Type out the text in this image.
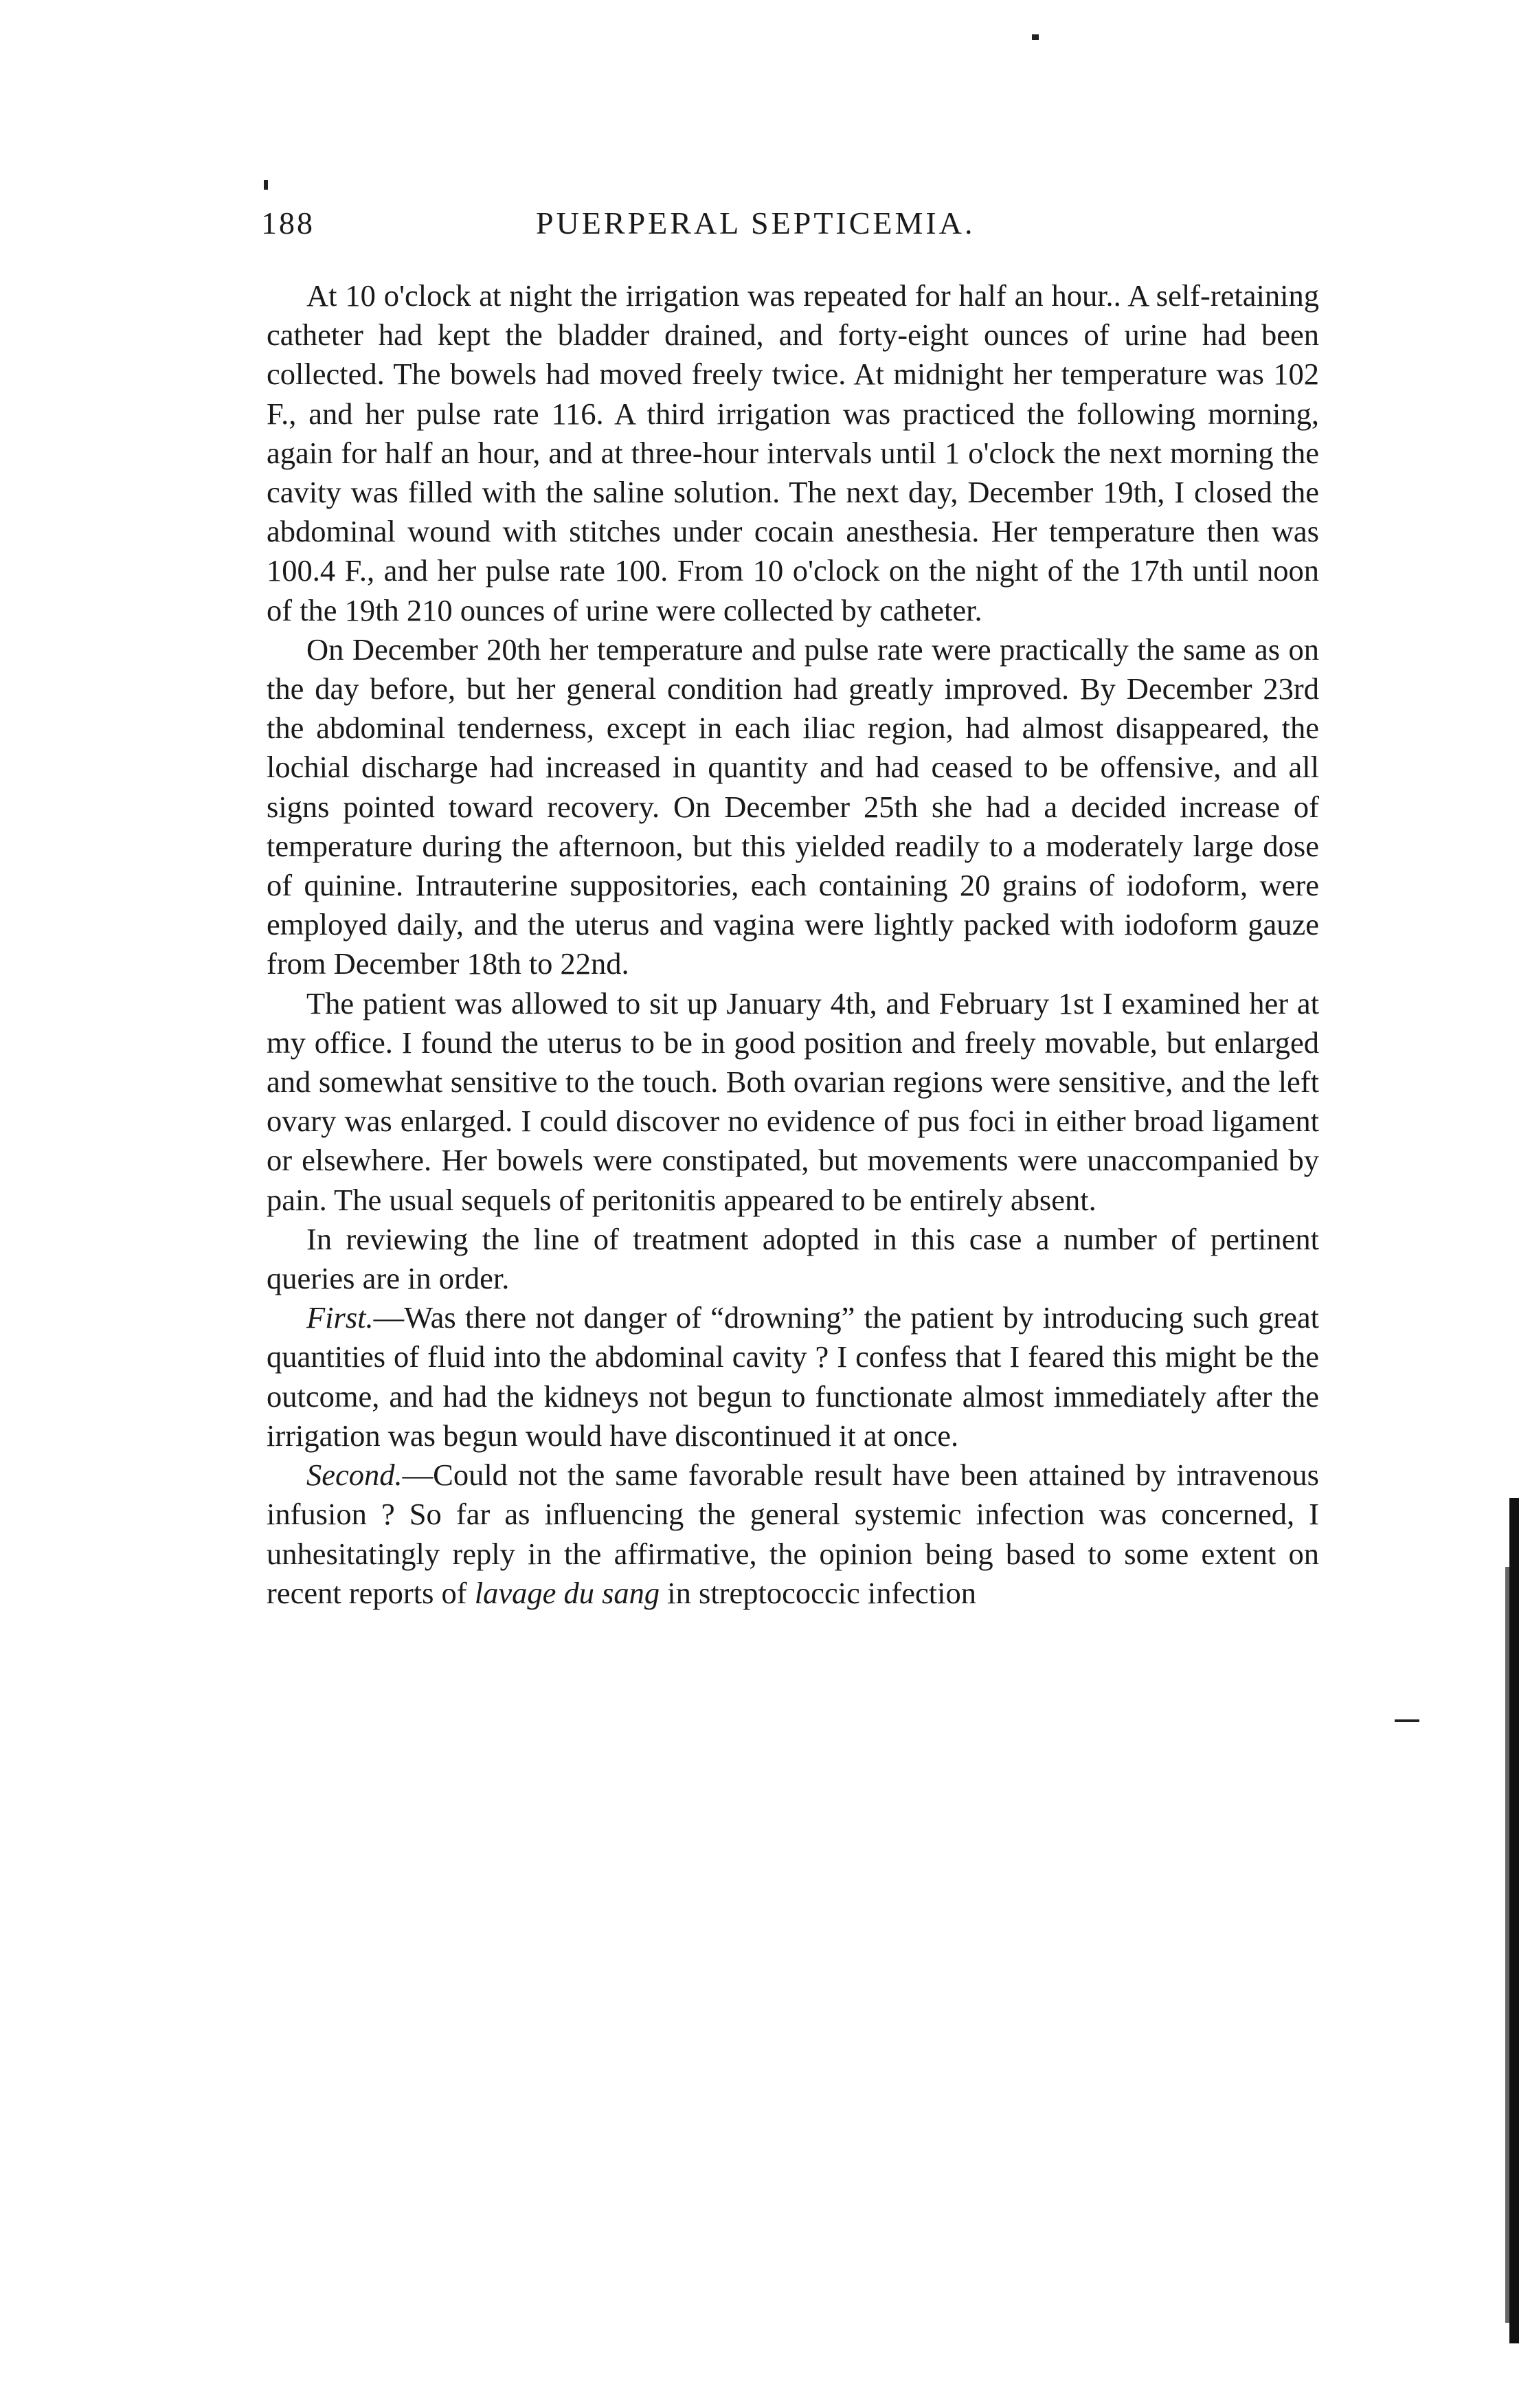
188	PUERPERAL SEPTICEMIA.

At 10 o'clock at night the irrigation was repeated for half an hour.. A self-retaining catheter had kept the bladder drained, and forty-eight ounces of urine had been collected. The bowels had moved freely twice. At midnight her temperature was 102 F., and her pulse rate 116. A third irrigation was practiced the following morning, again for half an hour, and at three-hour intervals until 1 o'clock the next morning the cavity was filled with the saline solution. The next day, December 19th, I closed the abdominal wound with stitches under cocain anesthesia. Her temperature then was 100.4 F., and her pulse rate 100. From 10 o'clock on the night of the 17th until noon of the 19th 210 ounces of urine were collected by catheter.

On December 20th her temperature and pulse rate were practically the same as on the day before, but her general condition had greatly improved. By December 23rd the abdominal tenderness, except in each iliac region, had almost disappeared, the lochial discharge had increased in quantity and had ceased to be offensive, and all signs pointed toward recovery. On December 25th she had a decided increase of temperature during the afternoon, but this yielded readily to a moderately large dose of quinine. Intrauterine suppositories, each containing 20 grains of iodoform, were employed daily, and the uterus and vagina were lightly packed with iodoform gauze from December 18th to 22nd.

The patient was allowed to sit up January 4th, and February 1st I examined her at my office. I found the uterus to be in good position and freely movable, but enlarged and somewhat sensitive to the touch. Both ovarian regions were sensitive, and the left ovary was enlarged. I could discover no evidence of pus foci in either broad ligament or elsewhere. Her bowels were constipated, but movements were unaccompanied by pain. The usual sequels of peritonitis appeared to be entirely absent.

In reviewing the line of treatment adopted in this case a number of pertinent queries are in order.

First.—Was there not danger of “drowning” the patient by introducing such great quantities of fluid into the abdominal cavity ? I confess that I feared this might be the outcome, and had the kidneys not begun to functionate almost immediately after the irrigation was begun would have discontinued it at once.

Second.—Could not the same favorable result have been attained by intravenous infusion ? So far as influencing the general systemic infection was concerned, I unhesitatingly reply in the affirmative, the opinion being based to some extent on recent reports of lavage du sang in streptococcic infection
